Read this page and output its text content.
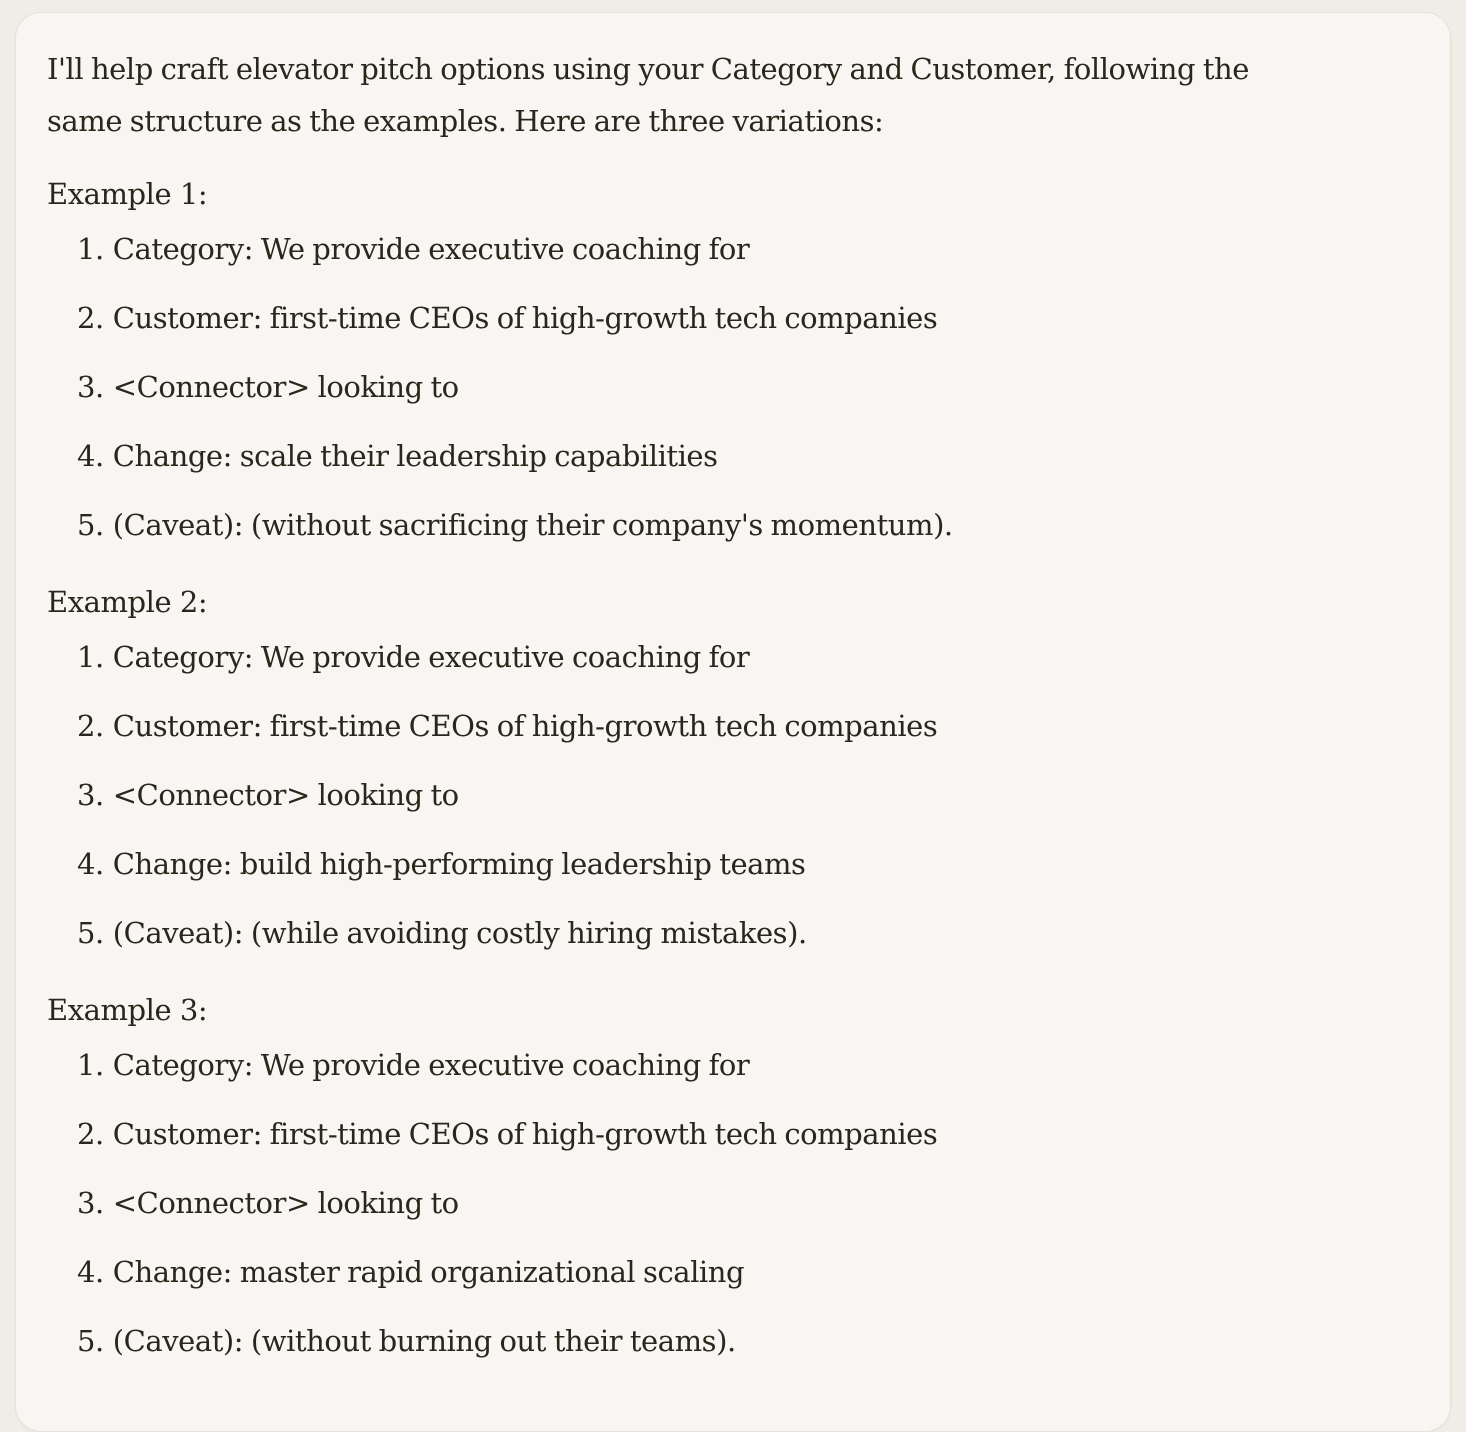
I'll help craft elevator pitch options using your Category and Customer, following the same structure as the examples. Here are three variations:

Example 1:

1. Category: We provide executive coaching for
2. Customer: first-time CEOs of high-growth tech companies
3. <Connector> looking to
4. Change: scale their leadership capabilities
5. (Caveat): (without sacrificing their company's momentum).

Example 2:

1. Category: We provide executive coaching for
2. Customer: first-time CEOs of high-growth tech companies
3. <Connector> looking to
4. Change: build high-performing leadership teams
5. (Caveat): (while avoiding costly hiring mistakes).

Example 3:

1. Category: We provide executive coaching for
2. Customer: first-time CEOs of high-growth tech companies
3. <Connector> looking to
4. Change: master rapid organizational scaling
5. (Caveat): (without burning out their teams).
